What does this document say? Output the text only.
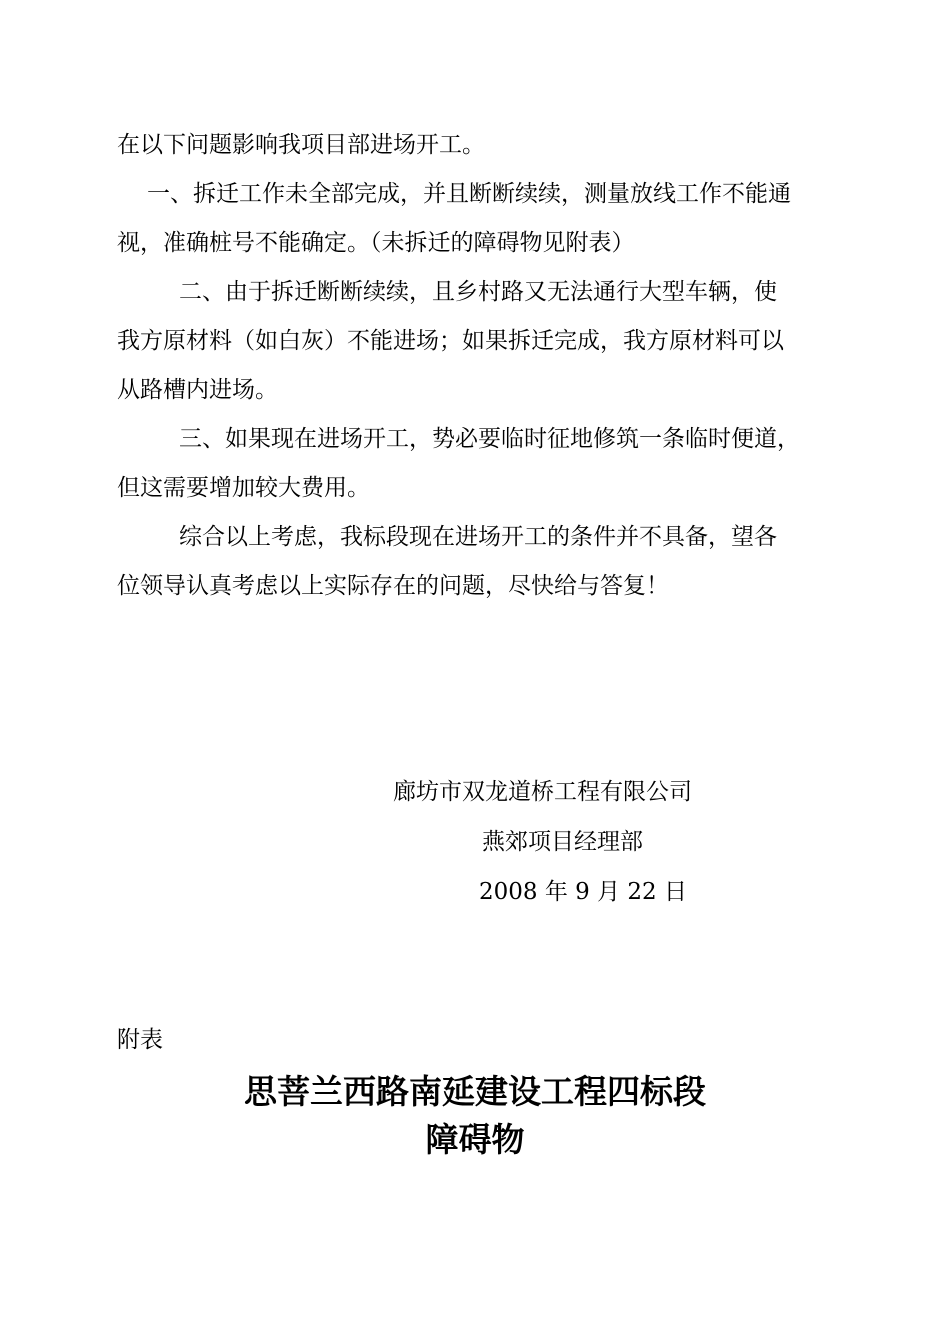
在以下问题影响我项目部进场开工。
一、拆迁工作未全部完成，并且断断续续，测量放线工作不能通
视，准确桩号不能确定。（未拆迁的障碍物见附表）
二、由于拆迁断断续续，且乡村路又无法通行大型车辆，使
我方原材料（如白灰）不能进场；如果拆迁完成，我方原材料可以
从路槽内进场。
三、如果现在进场开工，势必要临时征地修筑一条临时便道，
但这需要增加较大费用。
综合以上考虑，我标段现在进场开工的条件并不具备，望各
位领导认真考虑以上实际存在的问题，尽快给与答复！
廊坊市双龙道桥工程有限公司
燕郊项目经理部
2008 年 9 月 22 日
附表
思菩兰西路南延建设工程四标段
障碍物
